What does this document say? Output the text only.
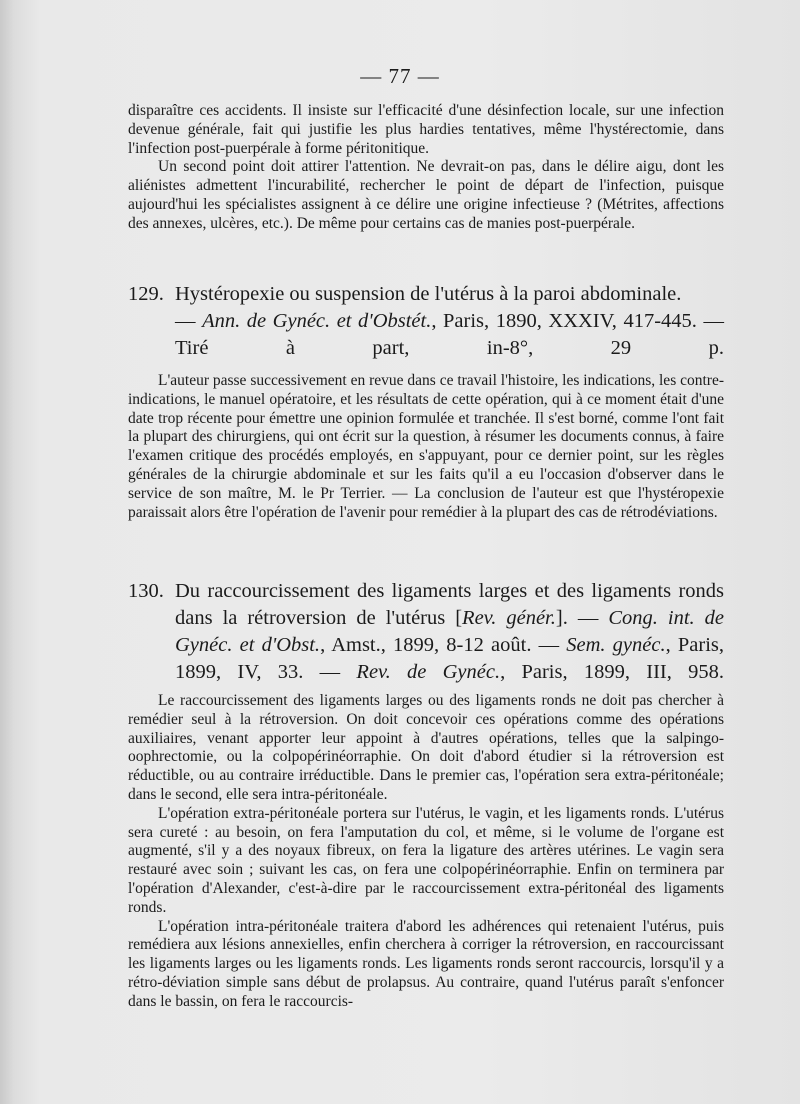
— 77 —

disparaître ces accidents. Il insiste sur l'efficacité d'une désinfection locale, sur une infection devenue générale, fait qui justifie les plus hardies tentatives, même l'hystérectomie, dans l'infection post-puerpérale à forme péritonitique.

Un second point doit attirer l'attention. Ne devrait-on pas, dans le délire aigu, dont les aliénistes admettent l'incurabilité, rechercher le point de départ de l'infection, puisque aujourd'hui les spécialistes assignent à ce délire une origine infectieuse ? (Métrites, affections des annexes, ulcères, etc.). De même pour certains cas de manies post-puerpérale.

129. Hystéropexie ou suspension de l'utérus à la paroi abdominale.
— Ann. de Gynéc. et d'Obstét., Paris, 1890, XXXIV, 417-445. — Tiré à part, in-8°, 29 p.

L'auteur passe successivement en revue dans ce travail l'histoire, les indications, les contre-indications, le manuel opératoire, et les résultats de cette opération, qui à ce moment était d'une date trop récente pour émettre une opinion formulée et tranchée. Il s'est borné, comme l'ont fait la plupart des chirurgiens, qui ont écrit sur la question, à résumer les documents connus, à faire l'examen critique des procédés employés, en s'appuyant, pour ce dernier point, sur les règles générales de la chirurgie abdominale et sur les faits qu'il a eu l'occasion d'observer dans le service de son maître, M. le Pr Terrier. — La conclusion de l'auteur est que l'hystéropexie paraissait alors être l'opération de l'avenir pour remédier à la plupart des cas de rétrodéviations.

130. Du raccourcissement des ligaments larges et des ligaments ronds dans la rétroversion de l'utérus [Rev. génér.]. — Cong. int. de Gynéc. et d'Obst., Amst., 1899, 8-12 août. — Sem. gynéc., Paris, 1899, IV, 33. — Rev. de Gynéc., Paris, 1899, III, 958.

Le raccourcissement des ligaments larges ou des ligaments ronds ne doit pas chercher à remédier seul à la rétroversion. On doit concevoir ces opérations comme des opérations auxiliaires, venant apporter leur appoint à d'autres opérations, telles que la salpingo-oophrectomie, ou la colpopérinéorraphie. On doit d'abord étudier si la rétroversion est réductible, ou au contraire irréductible. Dans le premier cas, l'opération sera extra-péritonéale; dans le second, elle sera intra-péritonéale.

L'opération extra-péritonéale portera sur l'utérus, le vagin, et les ligaments ronds. L'utérus sera cureté : au besoin, on fera l'amputation du col, et même, si le volume de l'organe est augmenté, s'il y a des noyaux fibreux, on fera la ligature des artères utérines. Le vagin sera restauré avec soin ; suivant les cas, on fera une colpopérinéorraphie. Enfin on terminera par l'opération d'Alexander, c'est-à-dire par le raccourcissement extra-péritonéal des ligaments ronds.

L'opération intra-péritonéale traitera d'abord les adhérences qui retenaient l'utérus, puis remédiera aux lésions annexielles, enfin cherchera à corriger la rétroversion, en raccourcissant les ligaments larges ou les ligaments ronds. Les ligaments ronds seront raccourcis, lorsqu'il y a rétro-déviation simple sans début de prolapsus. Au contraire, quand l'utérus paraît s'enfoncer dans le bassin, on fera le raccourcis-
